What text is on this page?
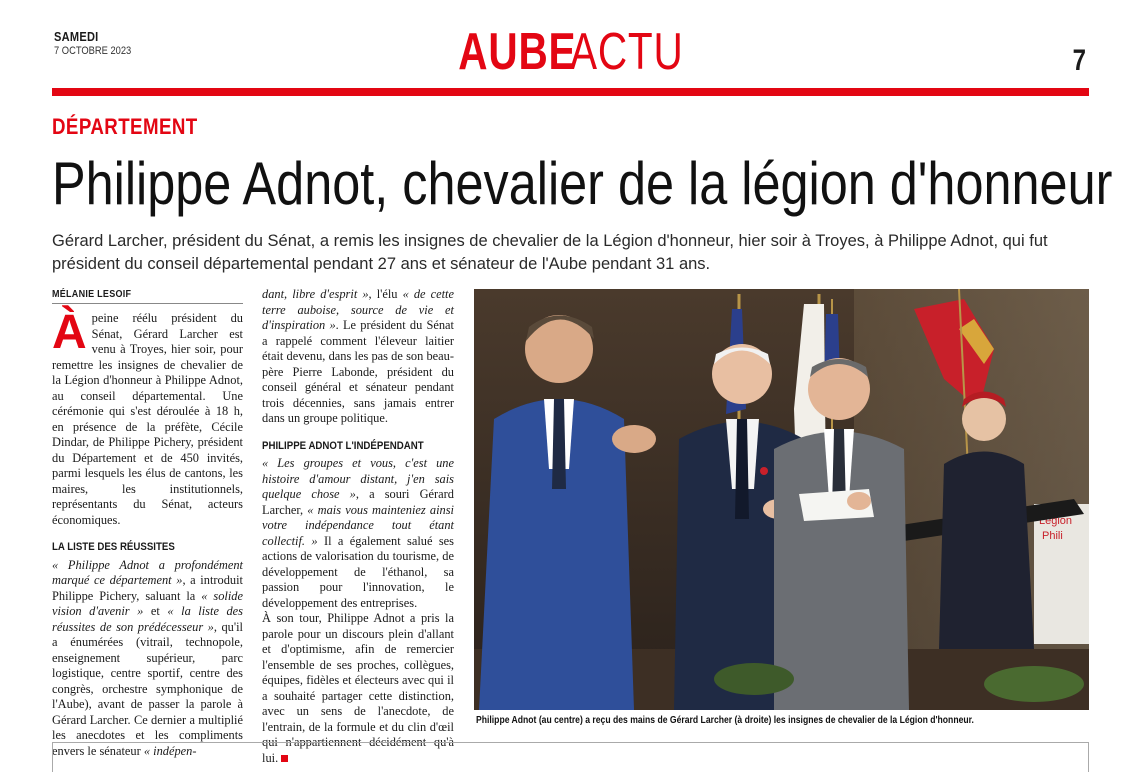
SAMEDI
7 OCTOBRE 2023	AUBE ACTU	7
DÉPARTEMENT
Philippe Adnot, chevalier de la légion d'honneur

Gérard Larcher, président du Sénat, a remis les insignes de chevalier de la Légion d'honneur, hier soir à Troyes, à Philippe Adnot, qui fut président du conseil départemental pendant 27 ans et sénateur de l'Aube pendant 31 ans.

MÉLANIE LESOIF

Àpeine réélu président du Sénat, Gérard Larcher est venu à Troyes, hier soir, pour remettre les insignes de chevalier de la Légion d'honneur à Philippe Adnot, au conseil départemental. Une cérémonie qui s'est déroulée à 18 h, en présence de la préfète, Cécile Dindar, de Philippe Pichery, président du Département et de 450 invités, parmi lesquels les élus de cantons, les maires, les institutionnels, représentants du Sénat, acteurs économiques.

LA LISTE DES RÉUSSITES

« Philippe Adnot a profondément marqué ce département », a introduit Philippe Pichery, saluant la « solide vision d'avenir » et « la liste des réussites de son prédécesseur », qu'il a énumérées (vitrail, technopole, enseignement supérieur, parc logistique, centre sportif, centre des congrès, orchestre symphonique de l'Aube), avant de passer la parole à Gérard Larcher. Ce dernier a multiplié les anecdotes et les compliments envers le sénateur « indépen-

dant, libre d'esprit », l'élu « de cette terre auboise, source de vie et d'inspiration ». Le président du Sénat a rappelé comment l'éleveur laitier était devenu, dans les pas de son beau-père Pierre Labonde, président du conseil général et sénateur pendant trois décennies, sans jamais entrer dans un groupe politique.

PHILIPPE ADNOT L'INDÉPENDANT

« Les groupes et vous, c'est une histoire d'amour distant, j'en sais quelque chose », a souri Gérard Larcher, « mais vous mainteniez ainsi votre indépendance tout étant collectif. » Il a également salué ses actions de valorisation du tourisme, de développement de l'éthanol, sa passion pour l'innovation, le développement des entreprises.

À son tour, Philippe Adnot a pris la parole pour un discours plein d'allant et d'optimisme, afin de remercier l'ensemble de ses proches, collègues, équipes, fidèles et électeurs avec qui il a souhaité partager cette distinction, avec un sens de l'anecdote, de l'entrain, de la formule et du clin d'œil qui n'appartiennent décidément qu'à lui.

Légion
Phili
Philippe Adnot (au centre) a reçu des mains de Gérard Larcher (à droite) les insignes de chevalier de la Légion d'honneur.
